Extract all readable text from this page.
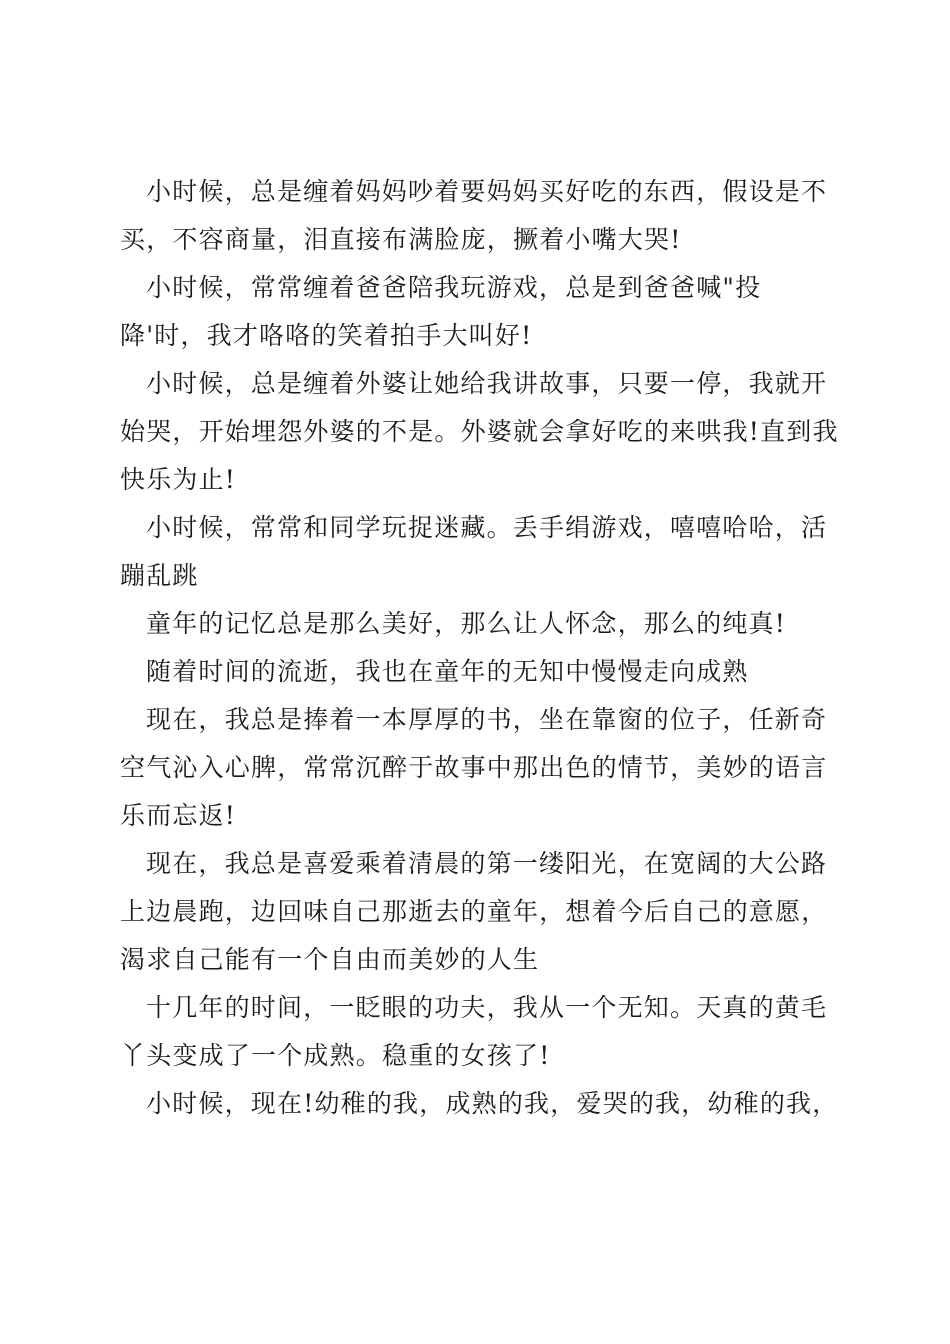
小时候，总是缠着妈妈吵着要妈妈买好吃的东西，假设是不买，不容商量，泪直接布满脸庞，撅着小嘴大哭!

小时候，常常缠着爸爸陪我玩游戏，总是到爸爸喊"投降'时，我才咯咯的笑着拍手大叫好!

小时候，总是缠着外婆让她给我讲故事，只要一停，我就开始哭，开始埋怨外婆的不是。外婆就会拿好吃的来哄我!直到我快乐为止!

小时候，常常和同学玩捉迷藏。丢手绢游戏，嘻嘻哈哈，活蹦乱跳

童年的记忆总是那么美好，那么让人怀念，那么的纯真!

随着时间的流逝，我也在童年的无知中慢慢走向成熟

现在，我总是捧着一本厚厚的书，坐在靠窗的位子，任新奇空气沁入心脾，常常沉醉于故事中那出色的情节，美妙的语言乐而忘返!

现在，我总是喜爱乘着清晨的第一缕阳光，在宽阔的大公路上边晨跑，边回味自己那逝去的童年，想着今后自己的意愿，渴求自己能有一个自由而美妙的人生

十几年的时间，一眨眼的功夫，我从一个无知。天真的黄毛丫头变成了一个成熟。稳重的女孩了!

小时候，现在!幼稚的我，成熟的我，爱哭的我，幼稚的我，
